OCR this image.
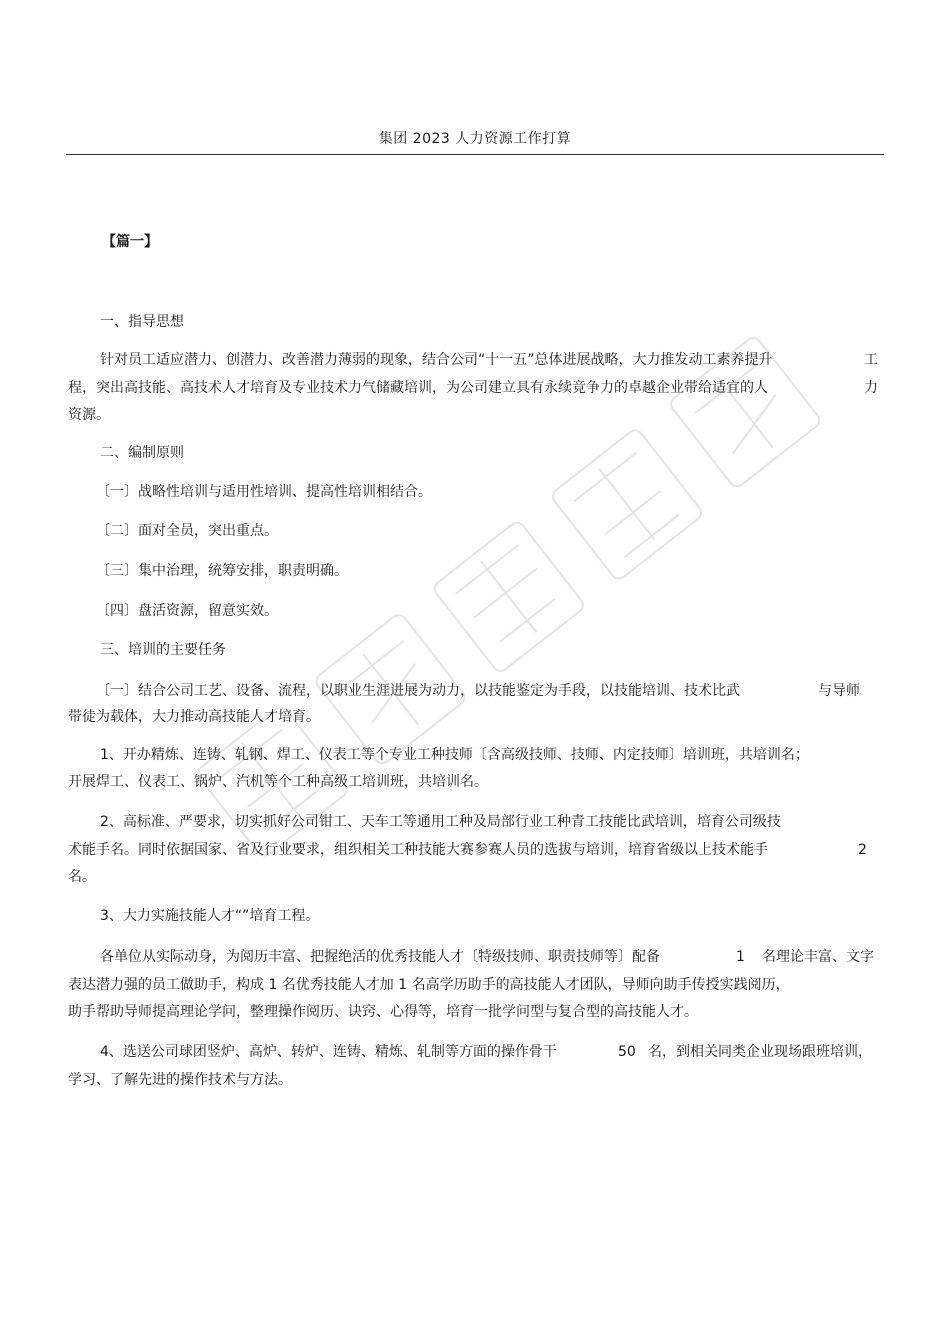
集团 2023 人力资源工作打算
【篇一】
一、指导思想
针对员工适应潜力、创潜力、改善潜力薄弱的现象，结合公司“十一五”总体进展战略，大力推发动工素养提升	工
程，突出高技能、高技术人才培育及专业技术力气储藏培训，为公司建立具有永续竞争力的卓越企业带给适宜的人	力
资源。
二、编制原则
〔一〕战略性培训与适用性培训、提高性培训相结合。
〔二〕面对全员，突出重点。
〔三〕集中治理，统筹安排，职责明确。
〔四〕盘活资源，留意实效。
三、培训的主要任务
〔一〕结合公司工艺、设备、流程，以职业生涯进展为动力，以技能鉴定为手段，以技能培训、技术比武	与导师
带徒为载体，大力推动高技能人才培育。
1、开办精炼、连铸、轧钢、焊工、仪表工等个专业工种技师〔含高级技师、技师、内定技师〕培训班，共培训名；
开展焊工、仪表工、锅炉、汽机等个工种高级工培训班，共培训名。
2、高标准、严要求，切实抓好公司钳工、天车工等通用工种及局部行业工种青工技能比武培训，培育公司级技
术能手名。同时依据国家、省及行业要求，组织相关工种技能大赛参赛人员的选拔与培训，培育省级以上技术能手	2
名。
3、大力实施技能人才“”培育工程。
各单位从实际动身，为阅历丰富、把握绝活的优秀技能人才〔特级技师、职责技师等〕配备	1 名理论丰富、文字
表达潜力强的员工做助手，构成 1 名优秀技能人才加 1 名高学历助手的高技能人才团队，导师向助手传授实践阅历，
助手帮助导师提高理论学问，整理操作阅历、诀窍、心得等，培育一批学问型与复合型的高技能人才。
4、选送公司球团竖炉、高炉、转炉、连铸、精炼、轧制等方面的操作骨干	50 名，到相关同类企业现场跟班培训，
学习、了解先进的操作技术与方法。
